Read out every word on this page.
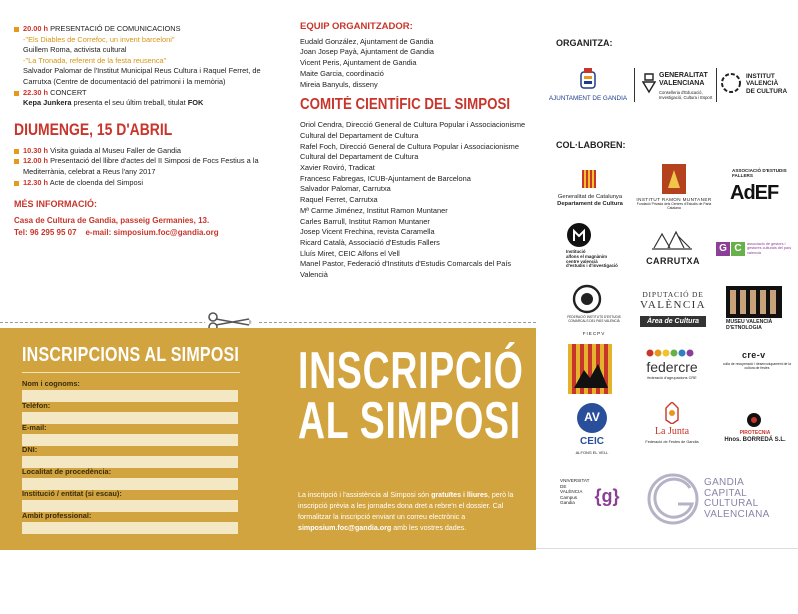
20.00 h PRESENTACIÓ DE COMUNICACIONS
-"Els Diables de Correfoc, un invent barceloni"
Guillem Roma, activista cultural
-"La Tronada, referent de la festa reusenca"
Salvador Palomar de l'Institut Municipal Reus Cultura i Raquel Ferret, de Carrutxa (Centre de documentació del patrimoni i la memòria)
22.30 h CONCERT
Kepa Junkera presenta el seu últim treball, titulat FOK
DIUMENGE, 15 D'ABRIL
10.30 h Visita guiada al Museu Faller de Gandia
12.00 h Presentació del llibre d'actes del II Simposi de Focs Festius a la Mediterrània, celebrat a Reus l'any 2017
12.30 h Acte de cloenda del Simposi
MÉS INFORMACIÓ:
Casa de Cultura de Gandia, passeig Germanies, 13.
Tel: 96 295 95 07    e-mail: simposium.foc@gandia.org
EQUIP ORGANITZADOR:
Eudald González, Ajuntament de Gandia
Joan Josep Payà, Ajuntament de Gandia
Vicent Peris, Ajuntament de Gandia
Maite Garcia, coordinació
Mireia Banyuls, disseny
COMITÉ CIENTÍFIC DEL SIMPOSI
Oriol Cendra, Direcció General de Cultura Popular i Associacionisme Cultural del Departament de Cultura
Rafel Foch, Direcció General de Cultura Popular i Associacionisme Cultural del Departament de Cultura
Xavier Roviró, Tradicat
Francesc Fabregas, ICUB-Ajuntament de Barcelona
Salvador Palomar, Carrutxa
Raquel Ferret, Carrutxa
Mª Carme Jiménez, Institut Ramon Muntaner
Carles Barrull, Institut Ramon Muntaner
Josep Vicent Frechina, revista Caramella
Ricard Català, Associació d'Estudis Fallers
Lluís Miret, CEIC Alfons el Vell
Manel Pastor, Federació d'Instituts d'Estudis Comarcals del País Valencià
INSCRIPCIONS AL SIMPOSI
Nom i cognoms:
Telèfon:
E-mail:
DNI:
Localitat de procedència:
Institució / entitat (si escau):
Ambit professional:
INSCRIPCIÓ
AL SIMPOSI
La inscripció i l'assistència al Simposi són gratuïtes i lliures, però la inscripció prèvia a les jornades dona dret a rebre'n el dossier. Cal formalitzar la inscripció enviant un correu electrònic a simposium.foc@gandia.org amb les vostres dades.
ORGANITZA:
AJUNTAMENT DE GANDIA
GENERALITAT
VALENCIANA
Conselleria d'Educació, Investigació, Cultura i Esport
INSTITUT
VALENCIÀ
DE CULTURA
COL·LABOREN:
Generalitat de Catalunya
Departament de Cultura
INSTITUT RAMON MUNTANER
Fundació Privada dels Centres d'Estudis de Parla Catalana
ASSOCIACIÓ D'ESTUDIS FALLERS
AdEF
Institució
alfons el magnànim
centre valencià
d'estudis i d'investigació	CARRUTXA
G C	associació de gestors i gestores culturals del país valencià
FEDERACIÓ INSTITUTS D'ESTUDIS COMARCALS DEL PAÍS VALENCIÀ
FIECPV
DIPUTACIÓ DE
VALÈNCIA
Àrea de Cultura	MUSEU VALENCIÀ
D'ETNOLOGIA
federcre
federació d'agrupacions CRE
cre-v
colla de recuperació i desenvolupament de la cultura de festes
AV
CEIC
ALFONS EL VELL
La Junta
Federació de Festes de Gandia
PIROTECNIA
Hnos. BORREDÁ S.L.
VNIVERSITAT
DE VALÈNCIA
Campus Gandia	{g}
GANDIA
CAPITAL
CULTURAL
VALENCIANA
